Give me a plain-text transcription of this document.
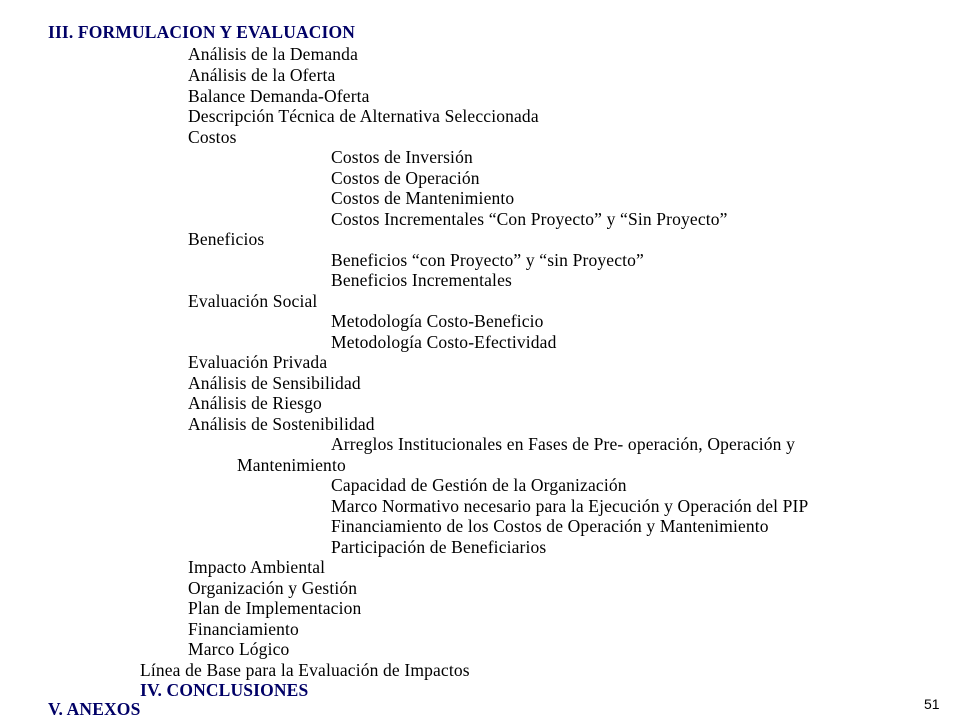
III. FORMULACION Y EVALUACION
Análisis de la Demanda
Análisis de la Oferta
Balance Demanda-Oferta
Descripción Técnica de Alternativa Seleccionada
Costos
Costos de Inversión
Costos de Operación
Costos de Mantenimiento
Costos Incrementales “Con Proyecto” y “Sin Proyecto”
Beneficios
Beneficios “con Proyecto” y “sin Proyecto”
Beneficios Incrementales
Evaluación Social
Metodología Costo-Beneficio
Metodología Costo-Efectividad
Evaluación Privada
Análisis de Sensibilidad
Análisis de Riesgo
Análisis de Sostenibilidad
Arreglos Institucionales en Fases de Pre- operación, Operación y
Mantenimiento
Capacidad de Gestión de la Organización
Marco Normativo necesario para la Ejecución y Operación del PIP
Financiamiento de los Costos de Operación y Mantenimiento
Participación de Beneficiarios
Impacto Ambiental
Organización y Gestión
Plan de Implementacion
Financiamiento
Marco Lógico
Línea de Base para la Evaluación de Impactos
IV. CONCLUSIONES
V. ANEXOS	51
